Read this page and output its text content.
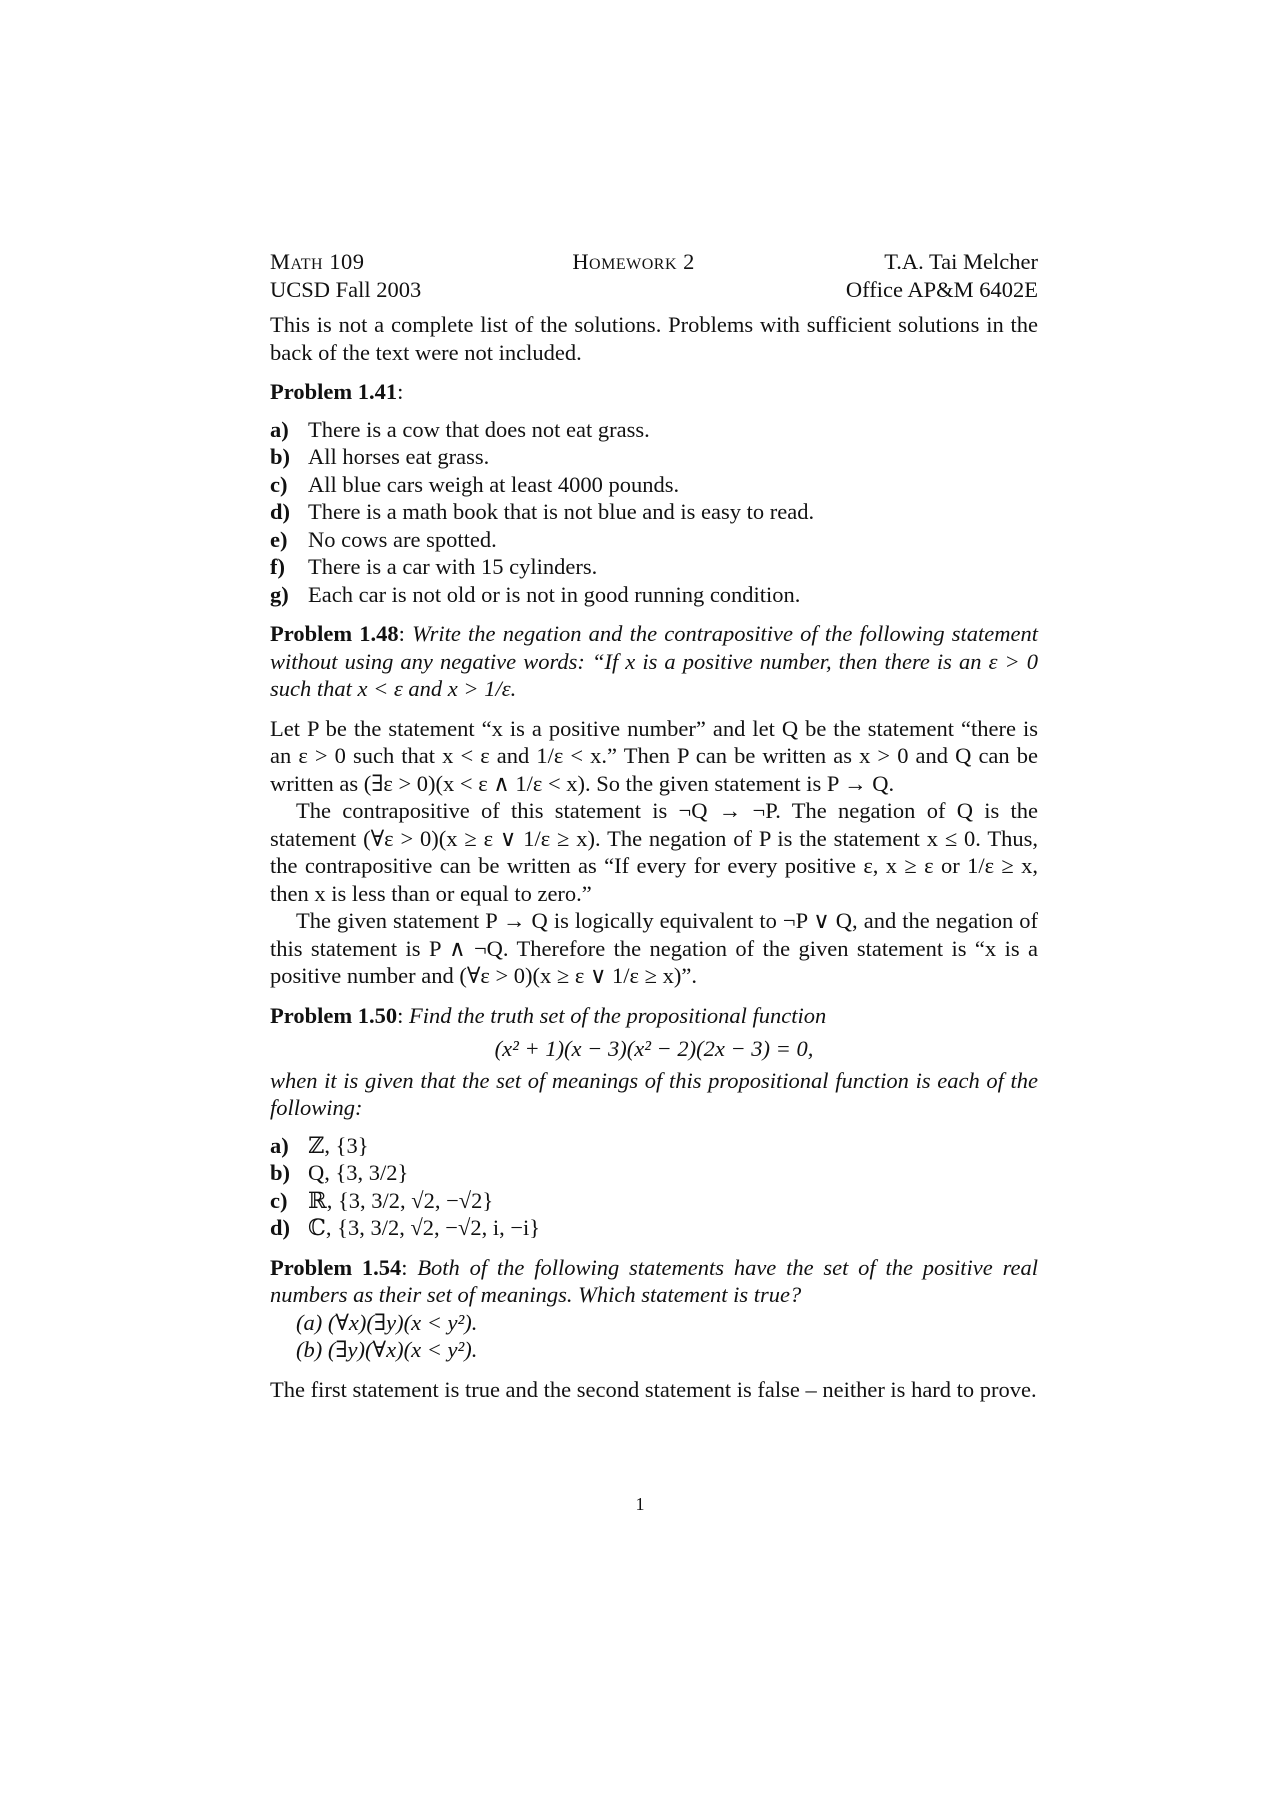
Math 109
UCSD Fall 2003
Homework 2	T.A. Tai Melcher
Office AP&M 6402E

This is not a complete list of the solutions. Problems with sufficient solutions in the back of the text were not included.

Problem 1.41:
a) There is a cow that does not eat grass.
b) All horses eat grass.
c) All blue cars weigh at least 4000 pounds.
d) There is a math book that is not blue and is easy to read.
e) No cows are spotted.
f)	There is a car with 15 cylinders.
g) Each car is not old or is not in good running condition.
Problem 1.48: Write the negation and the contrapositive of the following statement without using any negative words: “If x is a positive number, then there is an ε > 0 such that x < ε and x > 1/ε.

Let P be the statement “x is a positive number” and let Q be the statement “there is an ε > 0 such that x < ε and 1/ε < x.” Then P can be written as x > 0 and Q can be written as (∃ε > 0)(x < ε ∧ 1/ε < x). So the given statement is P → Q.

The contrapositive of this statement is ¬Q → ¬P. The negation of Q is the statement (∀ε > 0)(x ≥ ε ∨ 1/ε ≥ x). The negation of P is the statement x ≤ 0. Thus, the contrapositive can be written as “If every for every positive ε, x ≥ ε or 1/ε ≥ x, then x is less than or equal to zero.”

The given statement P → Q is logically equivalent to ¬P ∨ Q, and the negation of this statement is P ∧ ¬Q. Therefore the negation of the given statement is “x is a positive number and (∀ε > 0)(x ≥ ε ∨ 1/ε ≥ x)”.

Problem 1.50: Find the truth set of the propositional function
(x² + 1)(x − 3)(x² − 2)(2x − 3) = 0,
when it is given that the set of meanings of this propositional function is each of the following:
a) ℤ, {3}
b) Q, {3, 3/2}
c) ℝ, {3, 3/2, √2, −√2}
d) ℂ, {3, 3/2, √2, −√2, i, −i}
Problem 1.54: Both of the following statements have the set of the positive real numbers as their set of meanings. Which statement is true?
(a) (∀x)(∃y)(x < y²).
(b) (∃y)(∀x)(x < y²).

The first statement is true and the second statement is false – neither is hard to prove.

1
